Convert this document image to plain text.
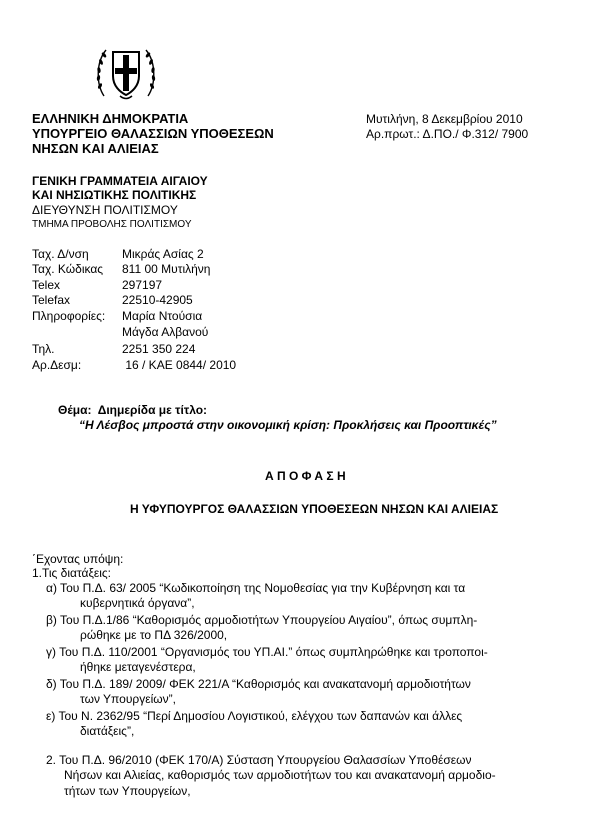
ΕΛΛΗΝΙΚΗ ΔΗΜΟΚΡΑΤΙΑ
ΥΠΟΥΡΓΕΙΟ ΘΑΛΑΣΣΙΩΝ ΥΠΟΘΕΣΕΩΝ
ΝΗΣΩΝ ΚΑΙ ΑΛΙΕΙΑΣ
Μυτιλήνη, 8 Δεκεμβρίου 2010
Αρ.πρωτ.: Δ.ΠΟ./ Φ.312/ 7900
ΓΕΝΙΚΗ ΓΡΑΜΜΑΤΕΙΑ ΑΙΓΑΙΟΥ
ΚΑΙ ΝΗΣΙΩΤΙΚΗΣ ΠΟΛΙΤΙΚΗΣ
ΔΙΕΥΘΥΝΣΗ ΠΟΛΙΤΙΣΜΟΥ
ΤΜΗΜΑ ΠΡΟΒΟΛΗΣ ΠΟΛΙΤΙΣΜΟΥ
Ταχ. Δ/νση	Μικράς Ασίας 2
Ταχ. Κώδικας 811 00 Μυτιλήνη
Telex	297197
Telefax	22510-42905
Πληροφορίες: Μαρία Ντούσια
Μάγδα Αλβανού
Τηλ.	2251 350 224
Αρ.Δεσμ:	16 / ΚΑΕ 0844/ 2010
Θέμα: Διημερίδα με τίτλο:
“Η Λέσβος μπροστά στην οικονομική κρίση: Προκλήσεις και Προοπτικές”
Α Π Ο Φ Α Σ Η
Η ΥΦΥΠΟΥΡΓΟΣ ΘΑΛΑΣΣΙΩΝ ΥΠΟΘΕΣΕΩΝ ΝΗΣΩΝ ΚΑΙ ΑΛΙΕΙΑΣ
΄Εχοντας υπόψη:
1.Τις διατάξεις:
α) Του Π.Δ. 63/ 2005 “Κωδικοποίηση της Νομοθεσίας για την Κυβέρνηση και τα
κυβερνητικά όργανα”,
β) Του Π.Δ.1/86 “Καθορισμός αρμοδιοτήτων Υπουργείου Αιγαίου”, όπως συμπλη-
ρώθηκε με το ΠΔ 326/2000,
γ) Του Π.Δ. 110/2001 “Οργανισμός του ΥΠ.ΑΙ.” όπως συμπληρώθηκε και τροποποι-
ήθηκε μεταγενέστερα,
δ) Του Π.Δ. 189/ 2009/ ΦΕΚ 221/Α “Καθορισμός και ανακατανομή αρμοδιοτήτων
των Υπουργείων”,
ε) Του Ν. 2362/95 “Περί Δημοσίου Λογιστικού, ελέγχου των δαπανών και άλλες
διατάξεις”,
2. Του Π.Δ. 96/2010 (ΦΕΚ 170/Α) Σύσταση Υπουργείου Θαλασσίων Υποθέσεων
Νήσων και Αλιείας, καθορισμός των αρμοδιοτήτων του και ανακατανομή αρμοδιο-
τήτων των Υπουργείων,
